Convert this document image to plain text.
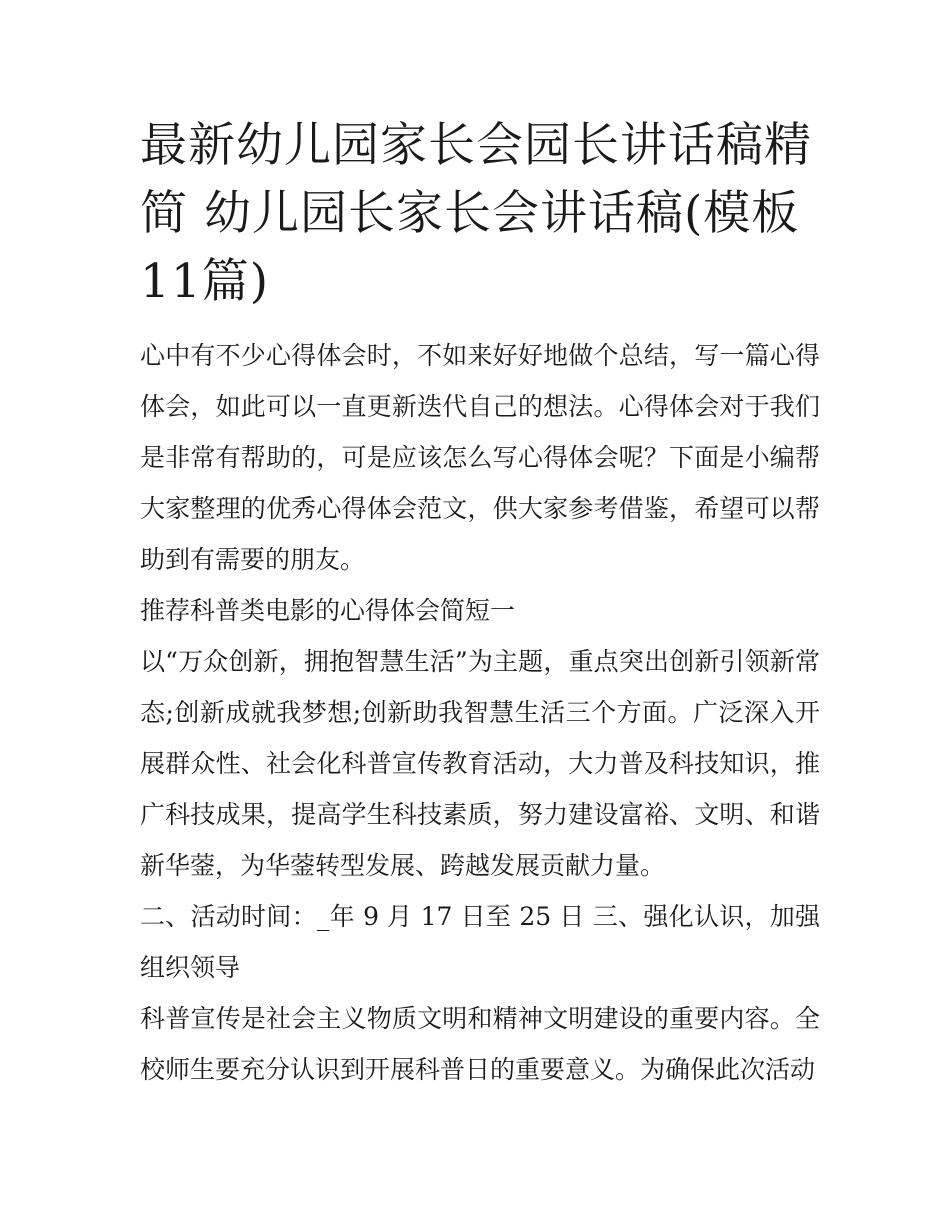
最新幼儿园家长会园长讲话稿精简 幼儿园长家长会讲话稿(模板11篇)

心中有不少心得体会时，不如来好好地做个总结，写一篇心得体会，如此可以一直更新迭代自己的想法。心得体会对于我们是非常有帮助的，可是应该怎么写心得体会呢？下面是小编帮大家整理的优秀心得体会范文，供大家参考借鉴，希望可以帮助到有需要的朋友。

推荐科普类电影的心得体会简短一

以“万众创新，拥抱智慧生活”为主题，重点突出创新引领新常态;创新成就我梦想;创新助我智慧生活三个方面。广泛深入开展群众性、社会化科普宣传教育活动，大力普及科技知识，推广科技成果，提高学生科技素质，努力建设富裕、文明、和谐新华蓥，为华蓥转型发展、跨越发展贡献力量。

二、活动时间：_年 9 月 17 日至 25 日 三、强化认识，加强组织领导

科普宣传是社会主义物质文明和精神文明建设的重要内容。全校师生要充分认识到开展科普日的重要意义。为确保此次活动
